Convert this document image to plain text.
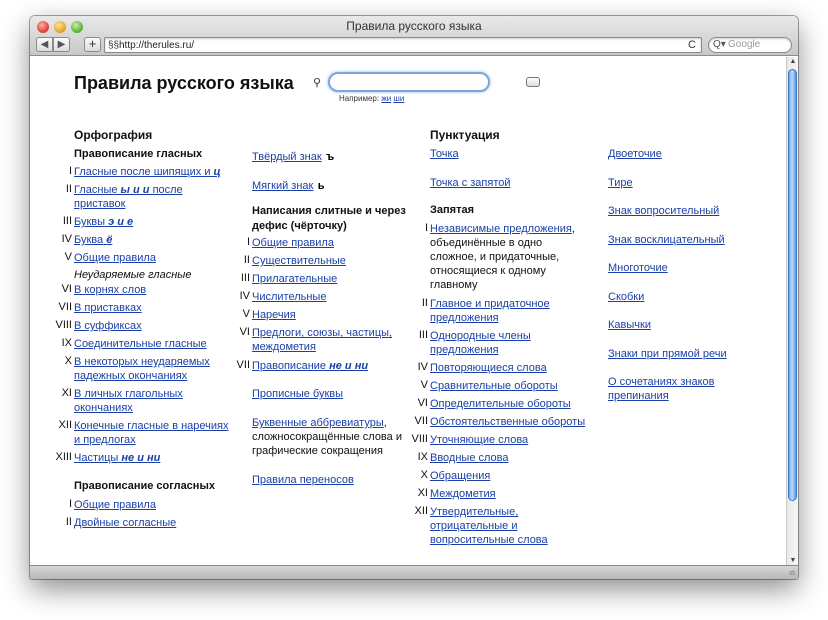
Правила русского языка
◀ ▶	+	§§ http://therules.ru/	C Q▾ Google
Правила русского языка ⚲
Например: жи ши
Орфография
Правописание гласных
I Гласные после шипящих и ц
II Гласные ы и и после приставок
III Буквы э и е
IV Буква ё
V Общие правила
Неударяемые гласные
VI В корнях слов
VII В приставках
VIII В суффиксах
IX Соединительные гласные
X В некоторых неударяемых падежных окончаниях
XI В личных глагольных окончаниях
XII Конечные гласные в наречиях и предлогах
XIII Частицы не и ни
Правописание согласных
I Общие правила
II Двойные согласные
Твёрдый знак ъ
Мягкий знак ь
Написания слитные и через дефис (чёрточку)
I Общие правила
II Существительные
III Прилагательные
IV Числительные
V Наречия
VI Предлоги, союзы, частицы, междометия
VII Правописание не и ни
Прописные буквы
Буквенные аббревиатуры, сложносокращённые слова и графические сокращения
Правила переносов
Пунктуация
Точка
Точка с запятой
Запятая
I Независимые предложения, объединённые в одно сложное, и придаточные, относящиеся к одному главному
II Главное и придаточное предложения
III Однородные члены предложения
IV Повторяющиеся слова
V Сравнительные обороты
VI Определительные обороты
VII Обстоятельственные обороты
VIII Уточняющие слова
IX Вводные слова
X Обращения
XI Междометия
XII Утвердительные, отрицательные и вопросительные слова
Двоеточие
Тире
Знак вопросительный
Знак восклицательный
Многоточие
Скобки
Кавычки
Знаки при прямой речи
О сочетаниях знаков препинания
▲
▼
≏
